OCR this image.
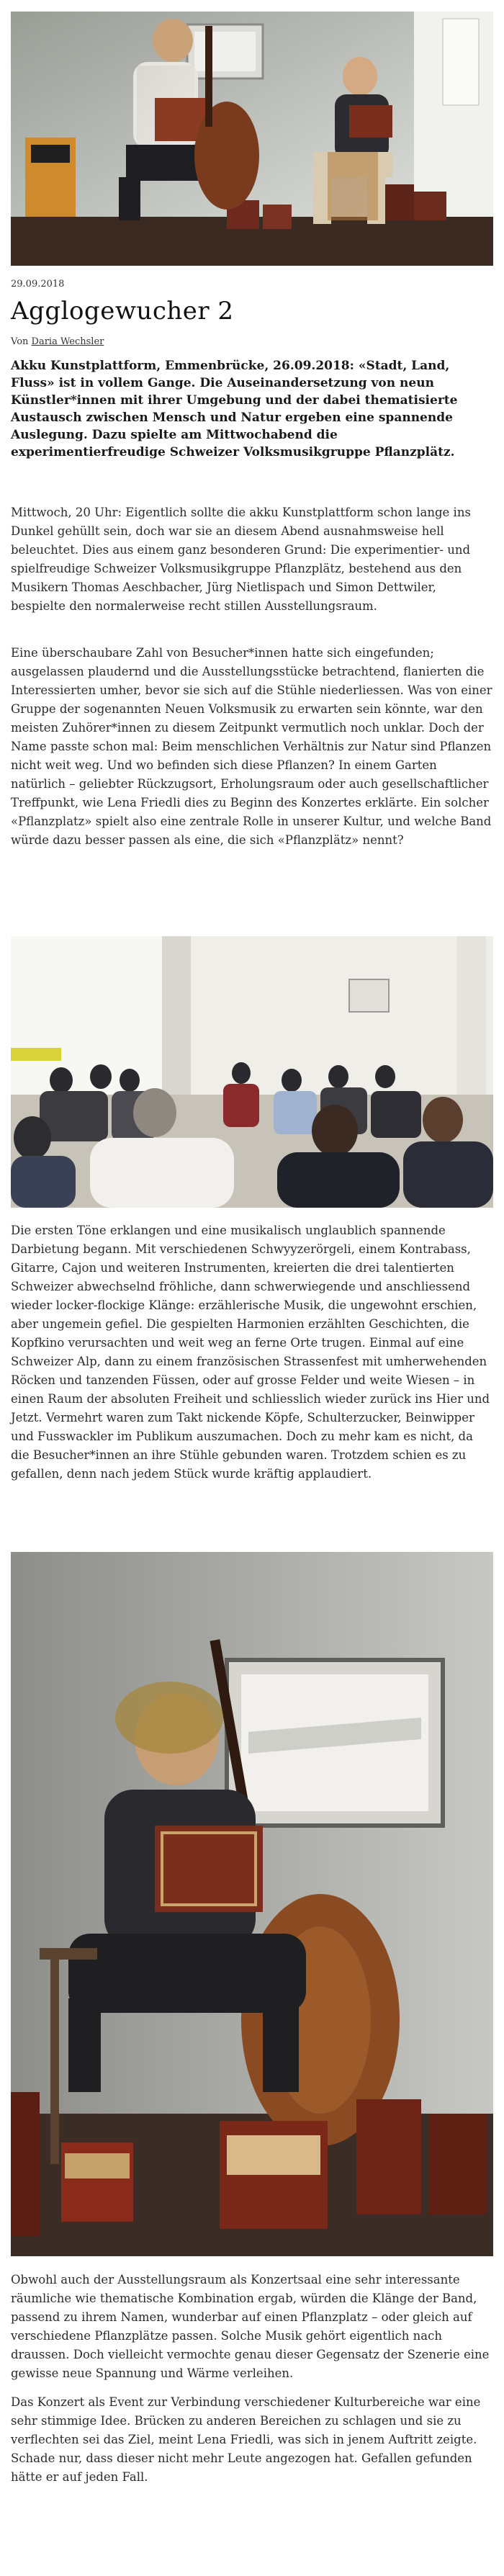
29.09.2018
Agglogewucher 2
Von Daria Wechsler

Akku Kunstplattform, Emmenbrücke, 26.09.2018: «Stadt, Land, Fluss» ist in vollem Gange. Die Auseinandersetzung von neun Künstler*innen mit ihrer Umgebung und der dabei thematisierte Austausch zwischen Mensch und Natur ergeben eine spannende Auslegung. Dazu spielte am Mittwochabend die experimentierfreudige Schweizer Volksmusikgruppe Pflanzplätz.

Mittwoch, 20 Uhr: Eigentlich sollte die akku Kunstplattform schon lange ins Dunkel gehüllt sein, doch war sie an diesem Abend ausnahmsweise hell beleuchtet. Dies aus einem ganz besonderen Grund: Die experimentier- und spielfreudige Schweizer Volksmusikgruppe Pflanzplätz, bestehend aus den Musikern Thomas Aeschbacher, Jürg Nietlispach und Simon Dettwiler, bespielte den normalerweise recht stillen Ausstellungsraum.

Eine überschaubare Zahl von Besucher*innen hatte sich eingefunden; ausgelassen plaudernd und die Ausstellungsstücke betrachtend, flanierten die Interessierten umher, bevor sie sich auf die Stühle niederliessen. Was von einer Gruppe der sogenannten Neuen Volksmusik zu erwarten sein könnte, war den meisten Zuhörer*innen zu diesem Zeitpunkt vermutlich noch unklar. Doch der Name passte schon mal: Beim menschlichen Verhältnis zur Natur sind Pflanzen nicht weit weg. Und wo befinden sich diese Pflanzen? In einem Garten natürlich – geliebter Rückzugsort, Erholungsraum oder auch gesellschaftlicher Treffpunkt, wie Lena Friedli dies zu Beginn des Konzertes erklärte. Ein solcher «Pflanzplatz» spielt also eine zentrale Rolle in unserer Kultur, und welche Band würde dazu besser passen als eine, die sich «Pflanzplätz» nennt?

Die ersten Töne erklangen und eine musikalisch unglaublich spannende Darbietung begann. Mit verschiedenen Schwyyzerörgeli, einem Kontrabass, Gitarre, Cajon und weiteren Instrumenten, kreierten die drei talentierten Schweizer abwechselnd fröhliche, dann schwerwiegende und anschliessend wieder locker-flockige Klänge: erzählerische Musik, die ungewohnt erschien, aber ungemein gefiel. Die gespielten Harmonien erzählten Geschichten, die Kopfkino verursachten und weit weg an ferne Orte trugen. Einmal auf eine Schweizer Alp, dann zu einem französischen Strassenfest mit umherwehenden Röcken und tanzenden Füssen, oder auf grosse Felder und weite Wiesen – in einen Raum der absoluten Freiheit und schliesslich wieder zurück ins Hier und Jetzt. Vermehrt waren zum Takt nickende Köpfe, Schulterzucker, Beinwipper und Fusswackler im Publikum auszumachen. Doch zu mehr kam es nicht, da die Besucher*innen an ihre Stühle gebunden waren. Trotzdem schien es zu gefallen, denn nach jedem Stück wurde kräftig applaudiert.

Obwohl auch der Ausstellungsraum als Konzertsaal eine sehr interessante räumliche wie thematische Kombination ergab, würden die Klänge der Band, passend zu ihrem Namen, wunderbar auf einen Pflanzplatz – oder gleich auf verschiedene Pflanzplätze passen. Solche Musik gehört eigentlich nach draussen. Doch vielleicht vermochte genau dieser Gegensatz der Szenerie eine gewisse neue Spannung und Wärme verleihen.

Das Konzert als Event zur Verbindung verschiedener Kulturbereiche war eine sehr stimmige Idee. Brücken zu anderen Bereichen zu schlagen und sie zu verflechten sei das Ziel, meint Lena Friedli, was sich in jenem Auftritt zeigte. Schade nur, dass dieser nicht mehr Leute angezogen hat. Gefallen gefunden hätte er auf jeden Fall.
